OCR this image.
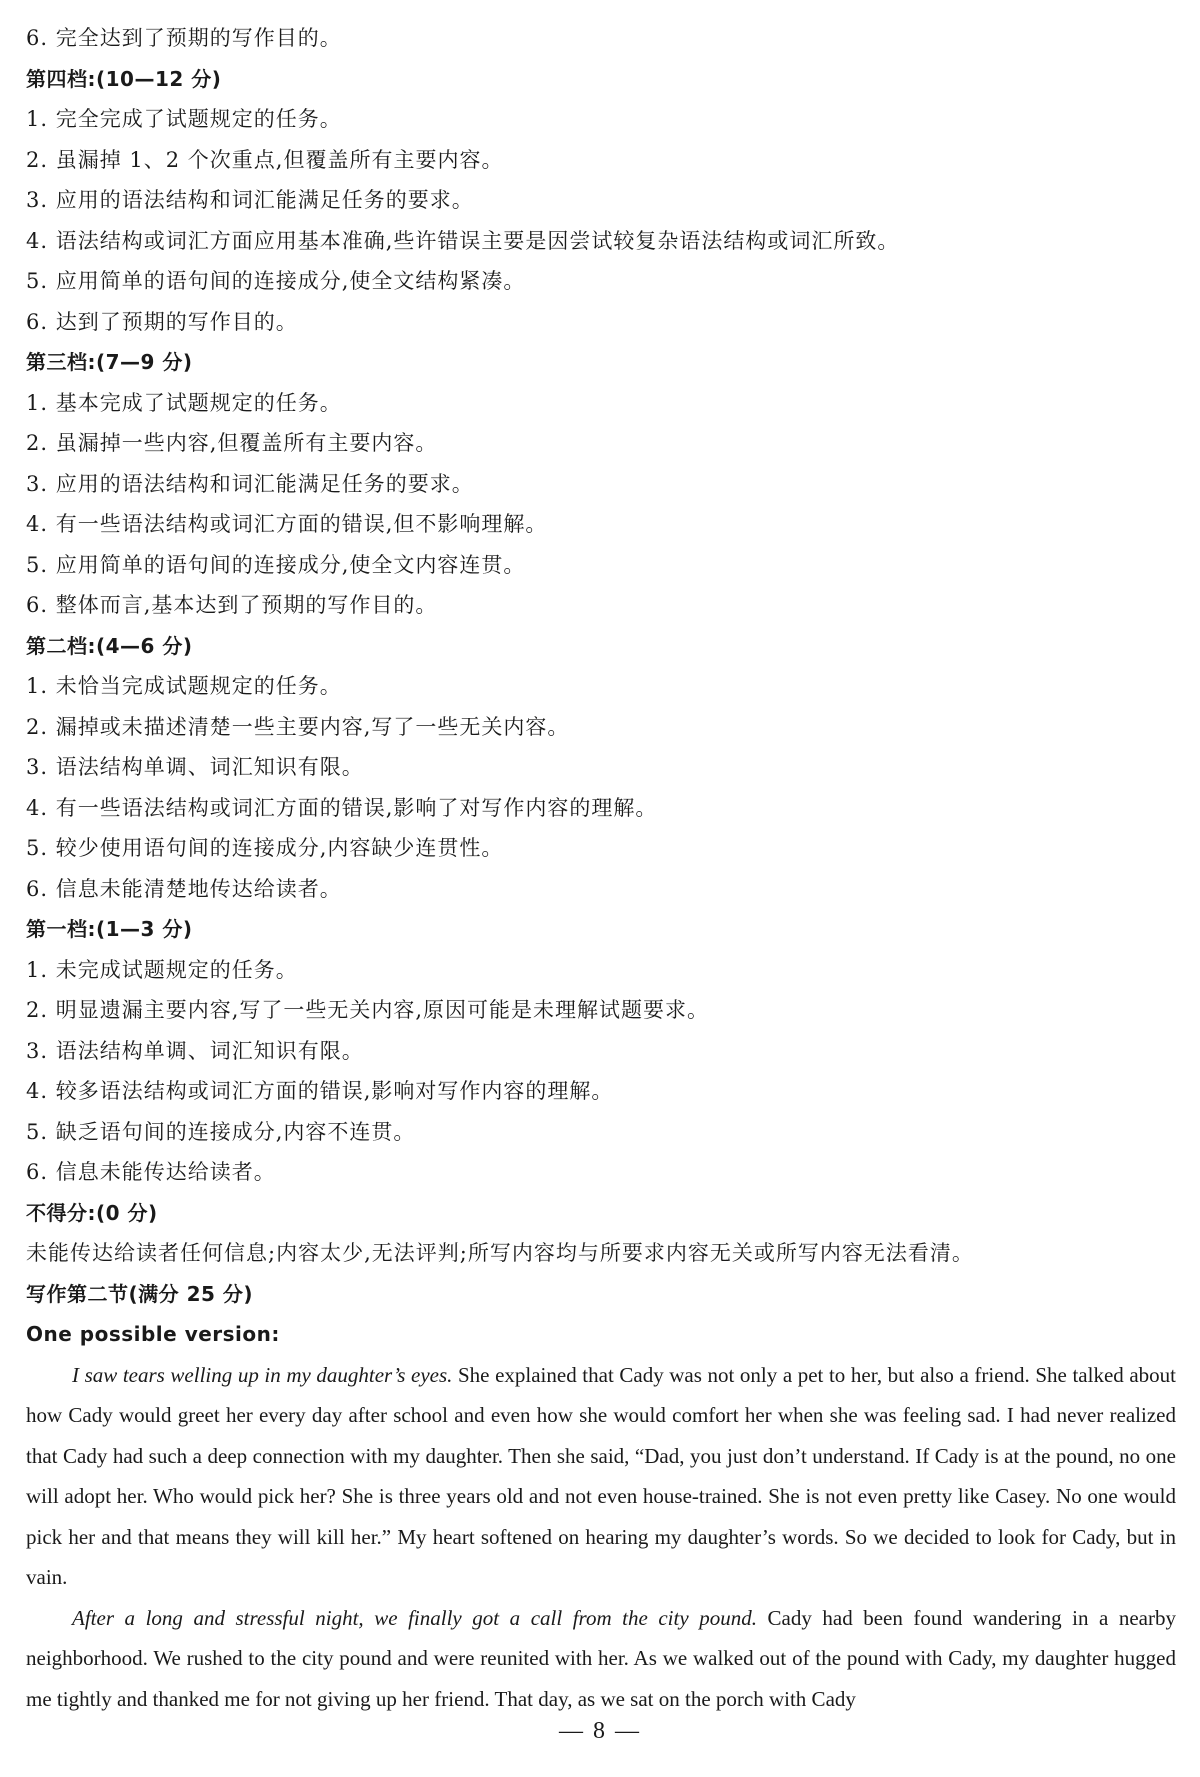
6. 完全达到了预期的写作目的。
第四档:(10—12 分)
1. 完全完成了试题规定的任务。
2. 虽漏掉 1、2 个次重点,但覆盖所有主要内容。
3. 应用的语法结构和词汇能满足任务的要求。
4. 语法结构或词汇方面应用基本准确,些许错误主要是因尝试较复杂语法结构或词汇所致。
5. 应用简单的语句间的连接成分,使全文结构紧凑。
6. 达到了预期的写作目的。
第三档:(7—9 分)
1. 基本完成了试题规定的任务。
2. 虽漏掉一些内容,但覆盖所有主要内容。
3. 应用的语法结构和词汇能满足任务的要求。
4. 有一些语法结构或词汇方面的错误,但不影响理解。
5. 应用简单的语句间的连接成分,使全文内容连贯。
6. 整体而言,基本达到了预期的写作目的。
第二档:(4—6 分)
1. 未恰当完成试题规定的任务。
2. 漏掉或未描述清楚一些主要内容,写了一些无关内容。
3. 语法结构单调、词汇知识有限。
4. 有一些语法结构或词汇方面的错误,影响了对写作内容的理解。
5. 较少使用语句间的连接成分,内容缺少连贯性。
6. 信息未能清楚地传达给读者。
第一档:(1—3 分)
1. 未完成试题规定的任务。
2. 明显遗漏主要内容,写了一些无关内容,原因可能是未理解试题要求。
3. 语法结构单调、词汇知识有限。
4. 较多语法结构或词汇方面的错误,影响对写作内容的理解。
5. 缺乏语句间的连接成分,内容不连贯。
6. 信息未能传达给读者。
不得分:(0 分)
未能传达给读者任何信息;内容太少,无法评判;所写内容均与所要求内容无关或所写内容无法看清。
写作第二节(满分 25 分)
One possible version:

I saw tears welling up in my daughter’s eyes. She explained that Cady was not only a pet to her, but also a friend. She talked about how Cady would greet her every day after school and even how she would comfort her when she was feeling sad. I had never realized that Cady had such a deep connection with my daughter. Then she said, “Dad, you just don’t understand. If Cady is at the pound, no one will adopt her. Who would pick her? She is three years old and not even house-trained. She is not even pretty like Casey. No one would pick her and that means they will kill her.” My heart softened on hearing my daughter’s words. So we decided to look for Cady, but in vain.

After a long and stressful night, we finally got a call from the city pound. Cady had been found wandering in a nearby neighborhood. We rushed to the city pound and were reunited with her. As we walked out of the pound with Cady, my daughter hugged me tightly and thanked me for not giving up her friend. That day, as we sat on the porch with Cady

— 8 —
